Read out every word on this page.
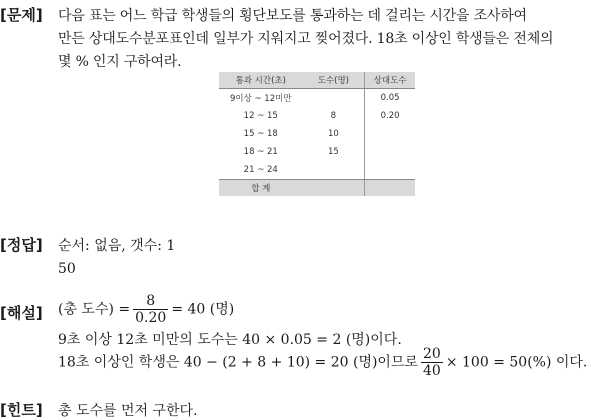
[문제] 다음 표는 어느 학급 학생들의 횡단보도를 통과하는 데 걸리는 시간을 조사하여
만든 상대도수분포표인데 일부가 지워지고 찢어졌다. 18초 이상인 학생들은 전체의
몇 % 인지 구하여라.
통과 시간(초)	도수(명)	상대도수
9이상 ~ 12미만		0.05
12 ~ 15	8	0.20
15 ~ 18	10	
18 ~ 21	15	
21 ~ 24		
합 계		
[정답] 순서: 없음, 갯수: 1
50
[해설] (총 도수) = $\frac{8}{0.20} = 40$ (명)
9초 이상 12초 미만의 도수는 40 × 0.05 = 2 (명)이다.
18초 이상인 학생은 40 − (2 + 8 + 10) = 20 (명)이므로 $\frac{20}{40} \times 100 = 50(\%)$ 이다.
[힌트] 총 도수를 먼저 구한다.
